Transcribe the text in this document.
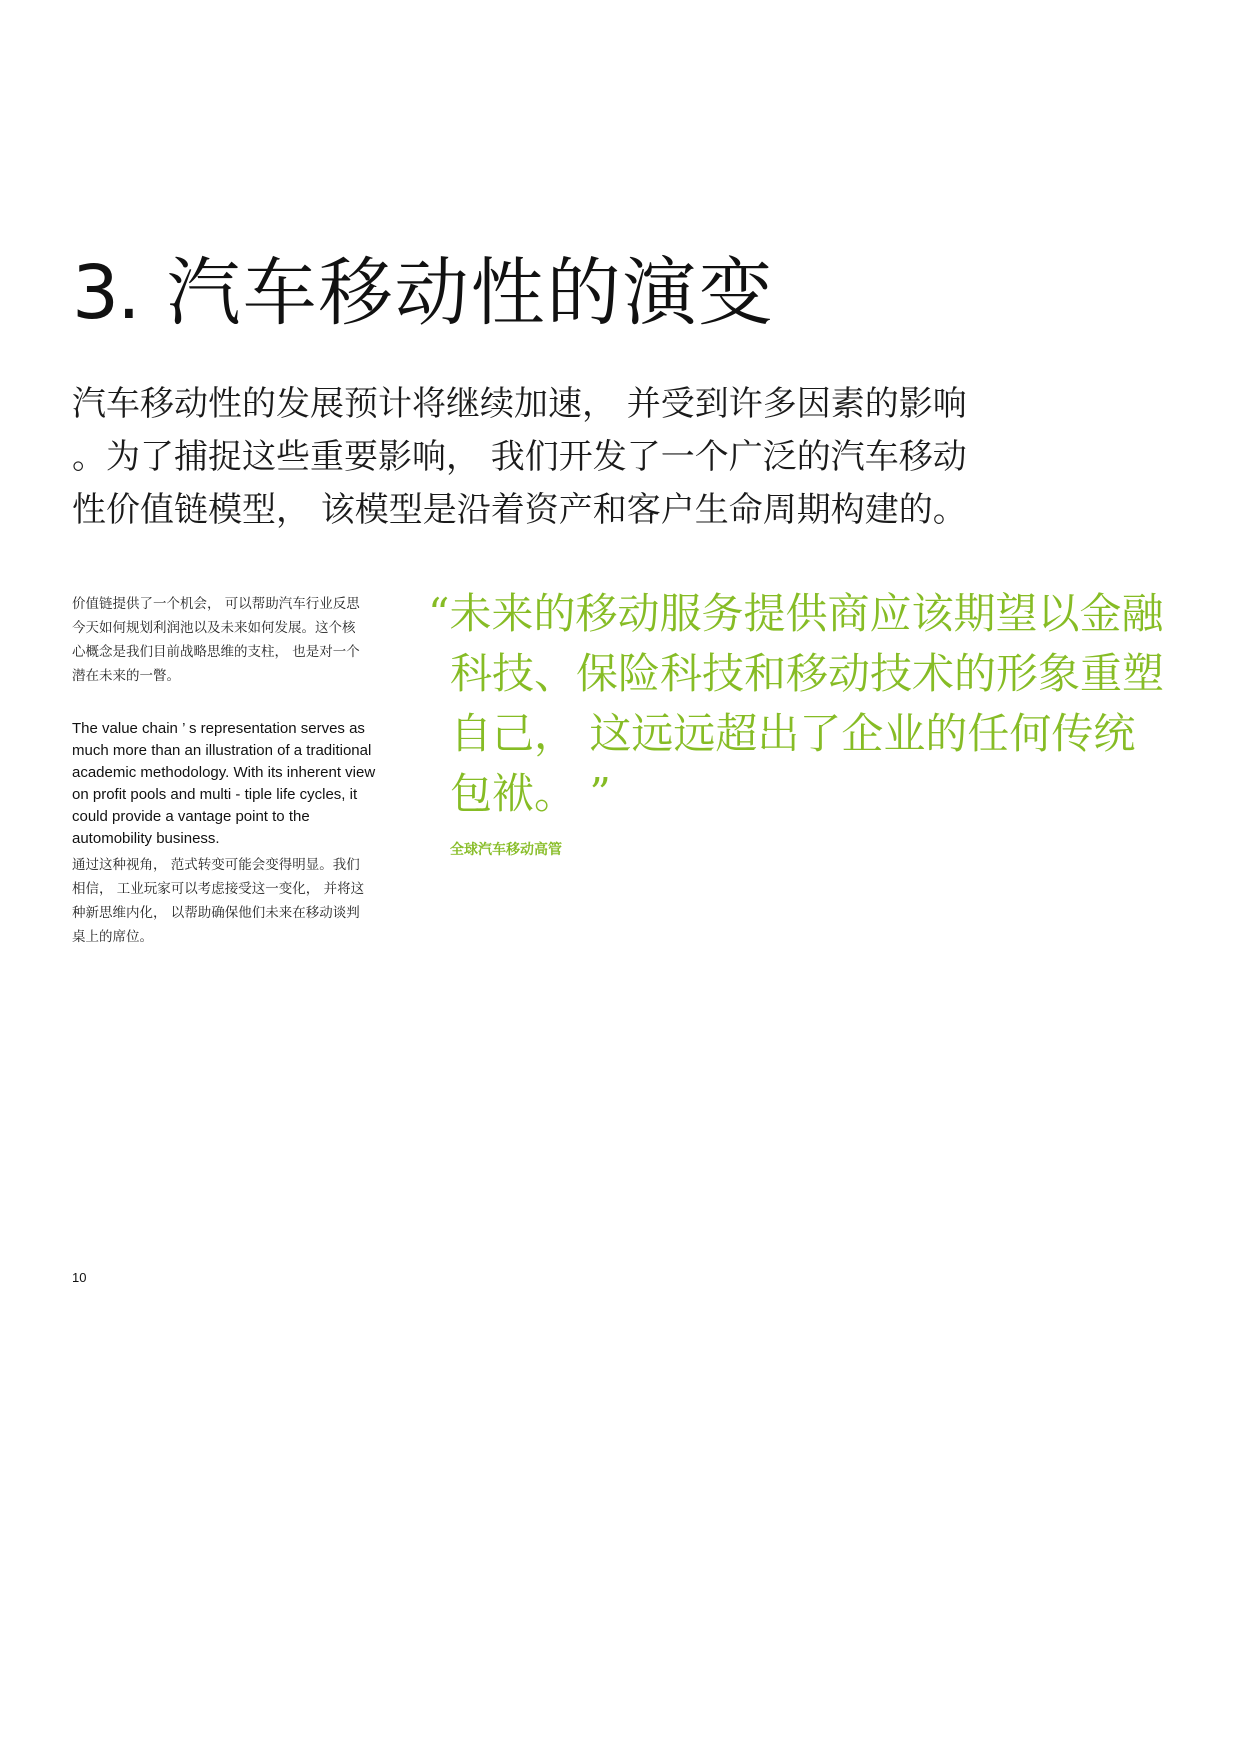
3. 汽车移动性的演变
汽车移动性的发展预计将继续加速， 并受到许多因素的影响
。为了捕捉这些重要影响， 我们开发了一个广泛的汽车移动
性价值链模型， 该模型是沿着资产和客户生命周期构建的。
价值链提供了一个机会， 可以帮助汽车行业反思
今天如何规划利润池以及未来如何发展。这个核
心概念是我们目前战略思维的支柱， 也是对一个
潜在未来的一瞥。
The value chain ’ s representation serves as
much more than an illustration of a traditional
academic methodology. With its inherent view
on profit pools and multi - tiple life cycles, it
could provide a vantage point to the
automobility business.
通过这种视角， 范式转变可能会变得明显。我们
相信， 工业玩家可以考虑接受这一变化， 并将这
种新思维内化， 以帮助确保他们未来在移动谈判
桌上的席位。
“未来的移动服务提供商应该期望以金融
科技、保险科技和移动技术的形象重塑
自己， 这远远超出了企业的任何传统
包袱。 ”
全球汽车移动高管
10
